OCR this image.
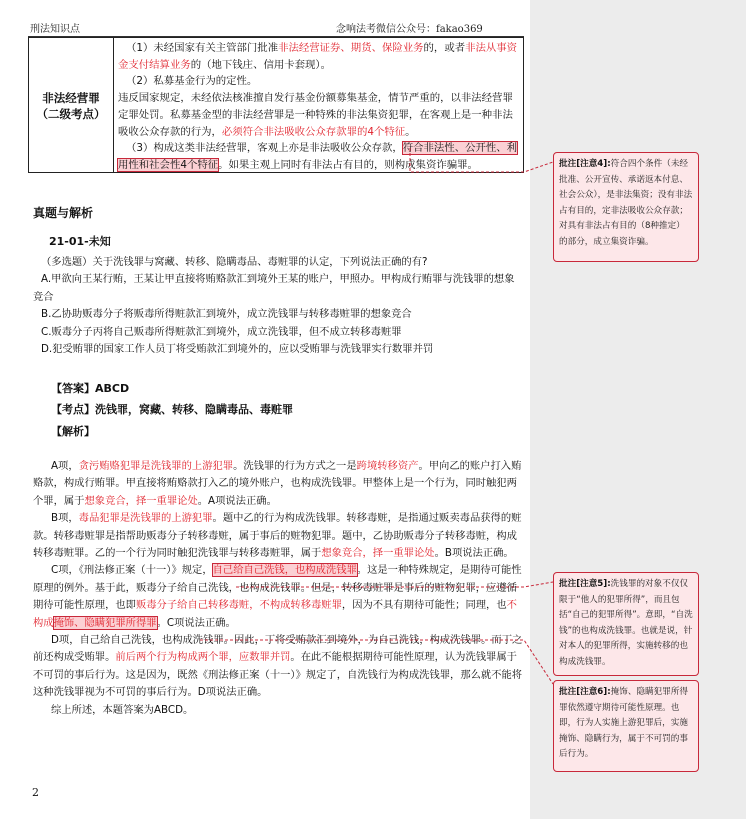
刑法知识点	念响法考微信公众号：fakao369
非法经营罪
（二级考点）

（1）未经国家有关主管部门批准非法经营证券、期货、保险业务的，或者非法从事资金支付结算业务的（地下钱庄、信用卡套现）。

（2）私募基金行为的定性。

违反国家规定，未经依法核准擅自发行基金份额募集基金，情节严重的，以非法经营罪定罪处罚。私募基金型的非法经营罪是一种特殊的非法集资犯罪，在客观上是一种非法吸收公众存款的行为，必须符合非法吸收公众存款罪的4个特征。

（3）构成这类非法经营罪，客观上亦是非法吸收公众存款，符合非法性、公开性、利用性和社会性4个特征。如果主观上同时有非法占有目的，则构成集资诈骗罪。

真题与解析
21-01-未知

（多选题）关于洗钱罪与窝藏、转移、隐瞒毒品、毒赃罪的认定，下列说法正确的有?

A.甲欲向王某行贿，王某让甲直接将贿赂款汇到境外王某的账户，甲照办。甲构成行贿罪与洗钱罪的想象竞合

B.乙协助贩毒分子将贩毒所得赃款汇到境外，成立洗钱罪与转移毒赃罪的想象竞合

C.贩毒分子丙将自己贩毒所得赃款汇到境外，成立洗钱罪，但不成立转移毒赃罪

D.犯受贿罪的国家工作人员丁将受贿款汇到境外的，应以受贿罪与洗钱罪实行数罪并罚

【答案】ABCD

【考点】洗钱罪，窝藏、转移、隐瞒毒品、毒赃罪

【解析】

A项，贪污贿赂犯罪是洗钱罪的上游犯罪。洗钱罪的行为方式之一是跨境转移资产。甲向乙的账户打入贿赂款，构成行贿罪。甲直接将贿赂款打入乙的境外账户，也构成洗钱罪。甲整体上是一个行为，同时触犯两个罪，属于想象竞合，择一重罪论处。A项说法正确。

B项，毒品犯罪是洗钱罪的上游犯罪。题中乙的行为构成洗钱罪。转移毒赃，是指通过贩卖毒品获得的赃款。转移毒赃罪是指帮助贩毒分子转移毒赃，属于事后的赃物犯罪。题中，乙协助贩毒分子转移毒赃，构成转移毒赃罪。乙的一个行为同时触犯洗钱罪与转移毒赃罪，属于想象竞合，择一重罪论处。B项说法正确。

C项，《刑法修正案（十一）》规定，自己给自己洗钱，也构成洗钱罪。这是一种特殊规定，是期待可能性原理的例外。基于此，贩毒分子给自己洗钱，也构成洗钱罪。但是，转移毒赃罪是事后的赃物犯罪，应遵循期待可能性原理，也即贩毒分子给自己转移毒赃，不构成转移毒赃罪，因为不具有期待可能性；同理，也不构成掩饰、隐瞒犯罪所得罪。C项说法正确。

D项，自己给自己洗钱，也构成洗钱罪。因此，丁将受贿款汇到境外，为自己洗钱，构成洗钱罪。而丁之前还构成受贿罪。前后两个行为构成两个罪，应数罪并罚。在此不能根据期待可能性原理，认为洗钱罪属于不可罚的事后行为。这是因为，既然《刑法修正案（十一）》规定了，自洗钱行为构成洗钱罪，那么就不能将这种洗钱罪视为不可罚的事后行为。D项说法正确。

综上所述，本题答案为ABCD。

2
批注[注意4]:符合四个条件（未经批准、公开宣传、承诺返本付息、社会公众），是非法集资；没有非法占有目的，定非法吸收公众存款；对具有非法占有目的（8种推定）的部分，成立集资诈骗。
批注[注意5]:洗钱罪的对象不仅仅限于“他人的犯罪所得”，而且包括“自己的犯罪所得”。意即，“自洗钱”的也构成洗钱罪。也就是说，针对本人的犯罪所得，实施转移的也构成洗钱罪。
批注[注意6]:掩饰、隐瞒犯罪所得罪依然遵守期待可能性原理。也即，行为人实施上游犯罪后，实施掩饰、隐瞒行为，属于不可罚的事后行为。
